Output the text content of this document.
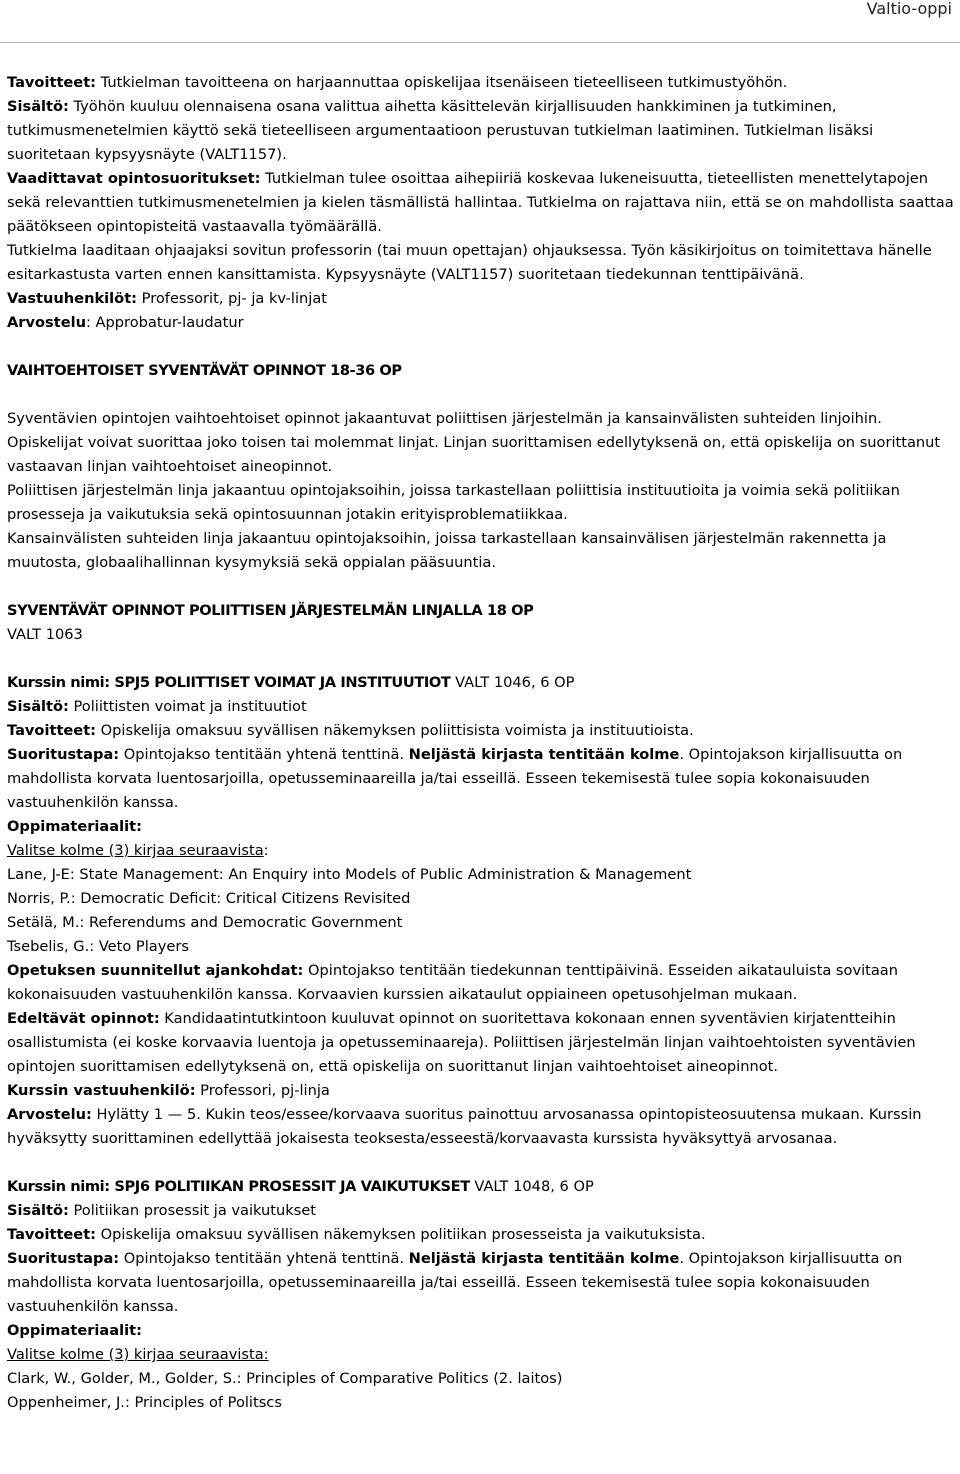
Valtio-oppi

Tavoitteet: Tutkielman tavoitteena on harjaannuttaa opiskelijaa itsenäiseen tieteelliseen tutkimustyöhön.

Sisältö: Työhön kuuluu olennaisena osana valittua aihetta käsittelevän kirjallisuuden hankkiminen ja tutkiminen, tutkimusmenetelmien käyttö sekä tieteelliseen argumentaatioon perustuvan tutkielman laatiminen. Tutkielman lisäksi suoritetaan kypsyysnäyte (VALT1157).

Vaadittavat opintosuoritukset: Tutkielman tulee osoittaa aihepiiriä koskevaa lukeneisuutta, tieteellisten menettelytapojen sekä relevanttien tutkimusmenetelmien ja kielen täsmällistä hallintaa. Tutkielma on rajattava niin, että se on mahdollista saattaa päätökseen opintopisteitä vastaavalla työmäärällä.

Tutkielma laaditaan ohjaajaksi sovitun professorin (tai muun opettajan) ohjauksessa. Työn käsikirjoitus on toimitettava hänelle esitarkastusta varten ennen kansittamista. Kypsyysnäyte (VALT1157) suoritetaan tiedekunnan tenttipäivänä.

Vastuuhenkilöt: Professorit, pj- ja kv-linjat

Arvostelu: Approbatur-laudatur

VAIHTOEHTOISET SYVENTÄVÄT OPINNOT 18-36 OP

Syventävien opintojen vaihtoehtoiset opinnot jakaantuvat poliittisen järjestelmän ja kansainvälisten suhteiden linjoihin. Opiskelijat voivat suorittaa joko toisen tai molemmat linjat. Linjan suorittamisen edellytyksenä on, että opiskelija on suorittanut vastaavan linjan vaihtoehtoiset aineopinnot.

Poliittisen järjestelmän linja jakaantuu opintojaksoihin, joissa tarkastellaan poliittisia instituutioita ja voimia sekä politiikan prosesseja ja vaikutuksia sekä opintosuunnan jotakin erityisproblematiikkaa.

Kansainvälisten suhteiden linja jakaantuu opintojaksoihin, joissa tarkastellaan kansainvälisen järjestelmän rakennetta ja muutosta, globaalihallinnan kysymyksiä sekä oppialan pääsuuntia.

SYVENTÄVÄT OPINNOT POLIITTISEN JÄRJESTELMÄN LINJALLA 18 OP

VALT 1063

Kurssin nimi: SPJ5 POLIITTISET VOIMAT JA INSTITUUTIOT VALT 1046, 6 OP

Sisältö: Poliittisten voimat ja instituutiot

Tavoitteet: Opiskelija omaksuu syvällisen näkemyksen poliittisista voimista ja instituutioista.

Suoritustapa: Opintojakso tentitään yhtenä tenttinä. Neljästä kirjasta tentitään kolme. Opintojakson kirjallisuutta on mahdollista korvata luentosarjoilla, opetusseminaareilla ja/tai esseillä. Esseen tekemisestä tulee sopia kokonaisuuden vastuuhenkilön kanssa.

Oppimateriaalit:

Valitse kolme (3) kirjaa seuraavista:

Lane, J-E: State Management: An Enquiry into Models of Public Administration & Management

Norris, P.: Democratic Deficit: Critical Citizens Revisited

Setälä, M.: Referendums and Democratic Government

Tsebelis, G.: Veto Players

Opetuksen suunnitellut ajankohdat: Opintojakso tentitään tiedekunnan tenttipäivinä. Esseiden aikatauluista sovitaan kokonaisuuden vastuuhenkilön kanssa. Korvaavien kurssien aikataulut oppiaineen opetusohjelman mukaan.

Edeltävät opinnot: Kandidaatintutkintoon kuuluvat opinnot on suoritettava kokonaan ennen syventävien kirjatentteihin osallistumista (ei koske korvaavia luentoja ja opetusseminaareja). Poliittisen järjestelmän linjan vaihtoehtoisten syventävien opintojen suorittamisen edellytyksenä on, että opiskelija on suorittanut linjan vaihtoehtoiset aineopinnot.

Kurssin vastuuhenkilö: Professori, pj-linja

Arvostelu: Hylätty 1 — 5. Kukin teos/essee/korvaava suoritus painottuu arvosanassa opintopisteosuutensa mukaan. Kurssin hyväksytty suorittaminen edellyttää jokaisesta teoksesta/esseestä/korvaavasta kurssista hyväksyttyä arvosanaa.

Kurssin nimi: SPJ6 POLITIIKAN PROSESSIT JA VAIKUTUKSET VALT 1048, 6 OP

Sisältö: Politiikan prosessit ja vaikutukset

Tavoitteet: Opiskelija omaksuu syvällisen näkemyksen politiikan prosesseista ja vaikutuksista.

Suoritustapa: Opintojakso tentitään yhtenä tenttinä. Neljästä kirjasta tentitään kolme. Opintojakson kirjallisuutta on mahdollista korvata luentosarjoilla, opetusseminaareilla ja/tai esseillä. Esseen tekemisestä tulee sopia kokonaisuuden vastuuhenkilön kanssa.

Oppimateriaalit:

Valitse kolme (3) kirjaa seuraavista:

Clark, W., Golder, M., Golder, S.: Principles of Comparative Politics (2. laitos)

Oppenheimer, J.: Principles of Politscs
